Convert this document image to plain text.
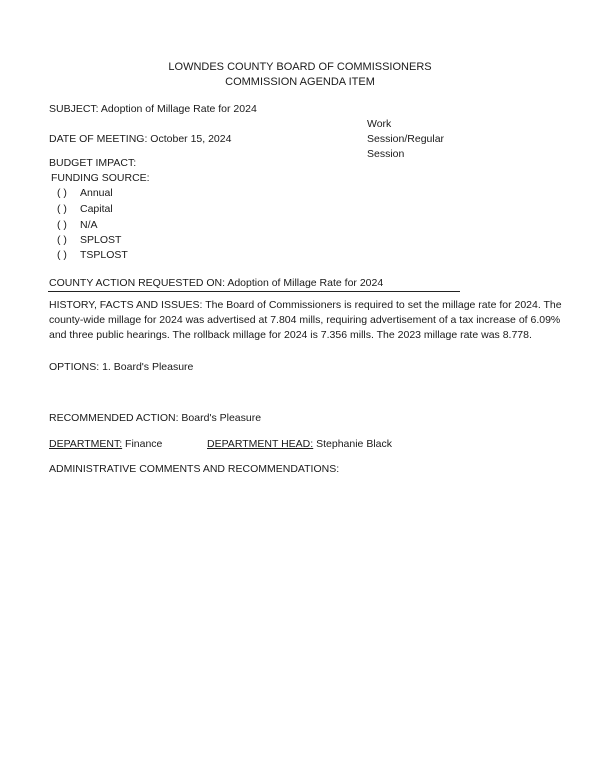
LOWNDES COUNTY BOARD OF COMMISSIONERS
COMMISSION AGENDA ITEM
SUBJECT: Adoption of Millage Rate for 2024
DATE OF MEETING: October 15, 2024
Work
Session/Regular
Session
BUDGET IMPACT:
FUNDING SOURCE:
( ) Annual
( ) Capital
( ) N/A
( ) SPLOST
( ) TSPLOST
COUNTY ACTION REQUESTED ON: Adoption of Millage Rate for 2024
HISTORY, FACTS AND ISSUES: The Board of Commissioners is required to set the millage rate for 2024. The
county-wide millage for 2024 was advertised at 7.804 mills, requiring advertisement of a tax increase of 6.09%
and three public hearings. The rollback millage for 2024 is 7.356 mills. The 2023 millage rate was 8.778.
OPTIONS: 1. Board's Pleasure
RECOMMENDED ACTION: Board's Pleasure
DEPARTMENT: Finance	DEPARTMENT HEAD: Stephanie Black
ADMINISTRATIVE COMMENTS AND RECOMMENDATIONS:
